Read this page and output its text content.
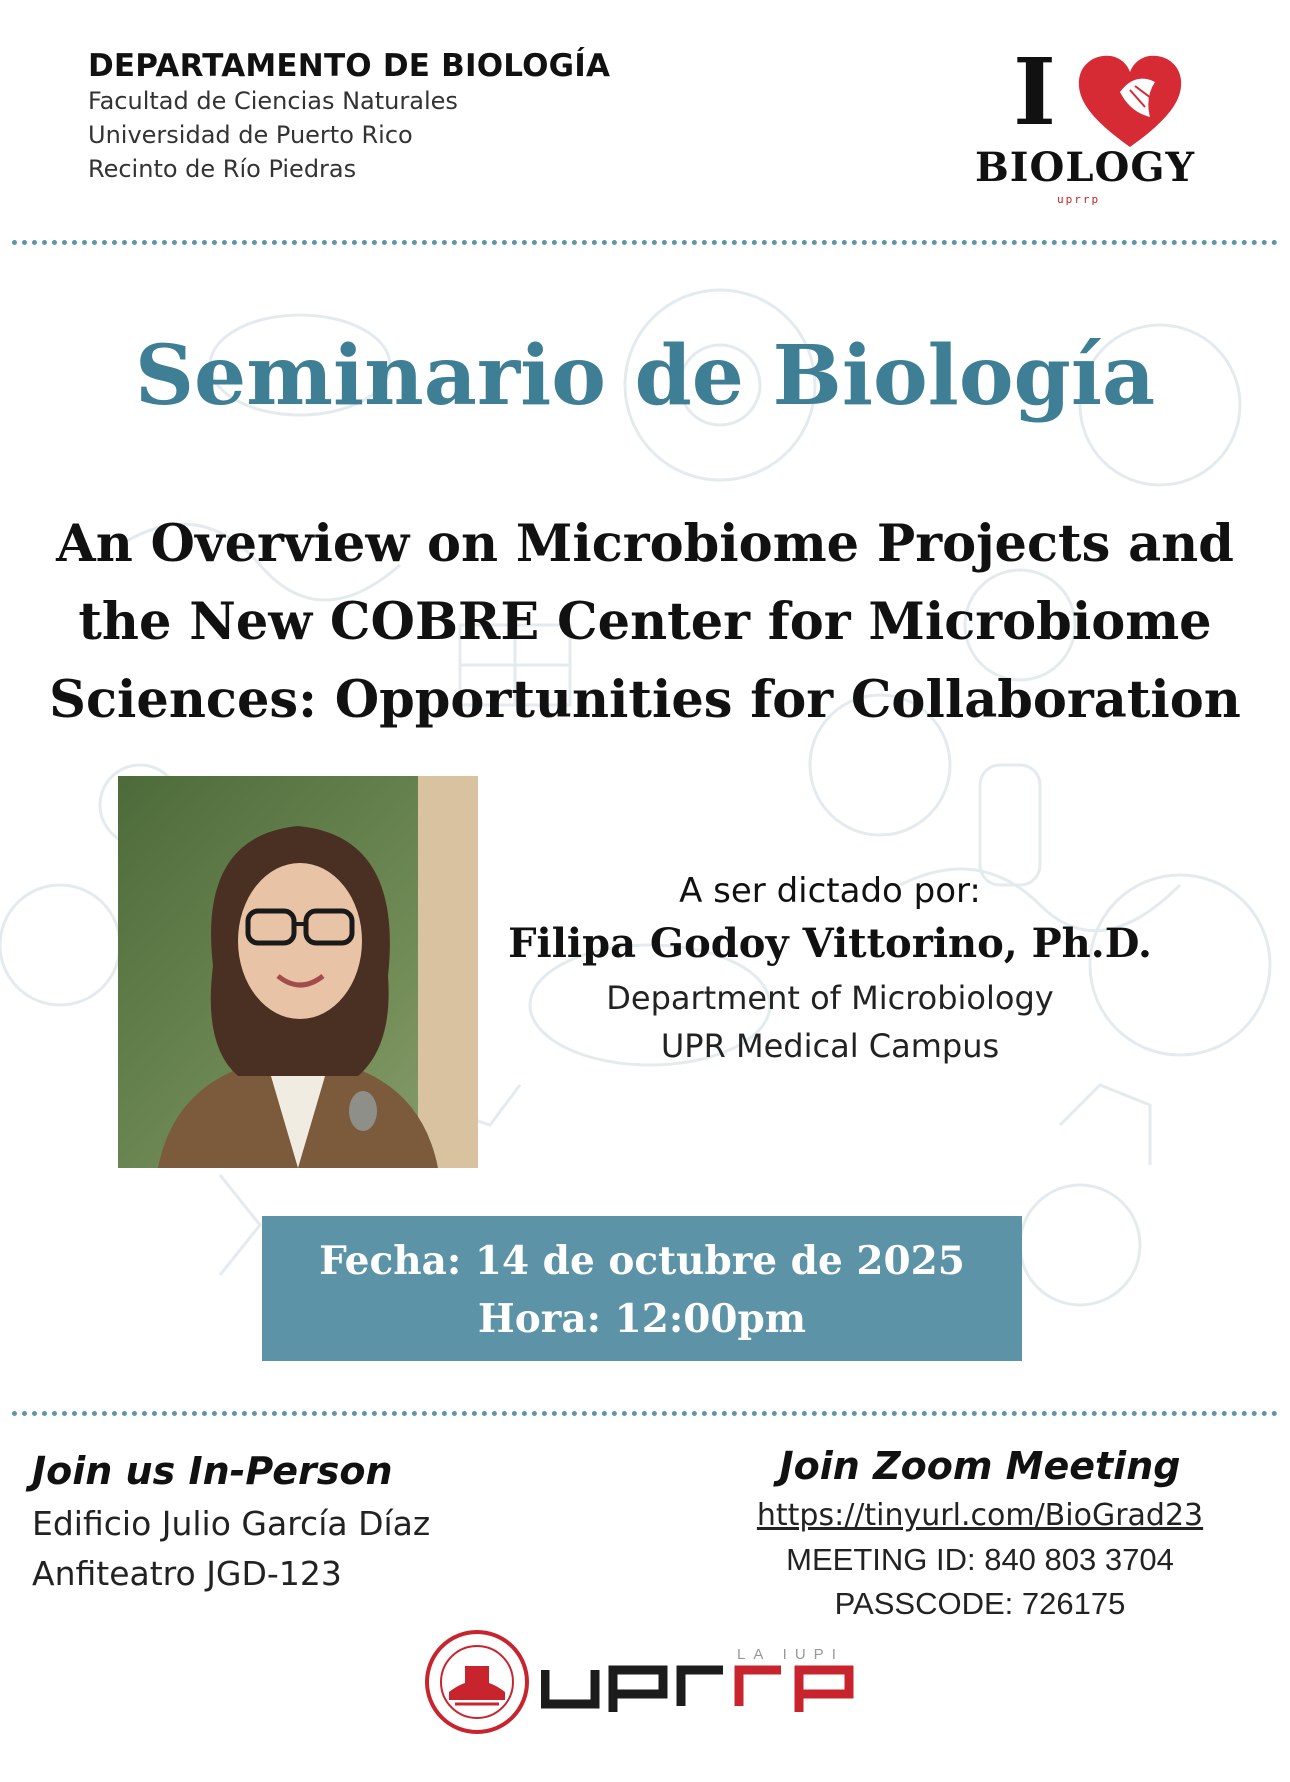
DEPARTAMENTO DE BIOLOGÍA
Facultad de Ciencias Naturales
Universidad de Puerto Rico
Recinto de Río Piedras
I
BIOLOGY
uprrp
Seminario de Biología
An Overview on Microbiome Projects and the New COBRE Center for Microbiome Sciences: Opportunities for Collaboration
A ser dictado por:
Filipa Godoy Vittorino, Ph.D.
Department of Microbiology
UPR Medical Campus
Fecha: 14 de octubre de 2025
Hora: 12:00pm
Join us In-Person
Edificio Julio García Díaz
Anfiteatro JGD-123
Join Zoom Meeting
https://tinyurl.com/BioGrad23
MEETING ID: 840 803 3704
PASSCODE: 726175
LA IUPI
